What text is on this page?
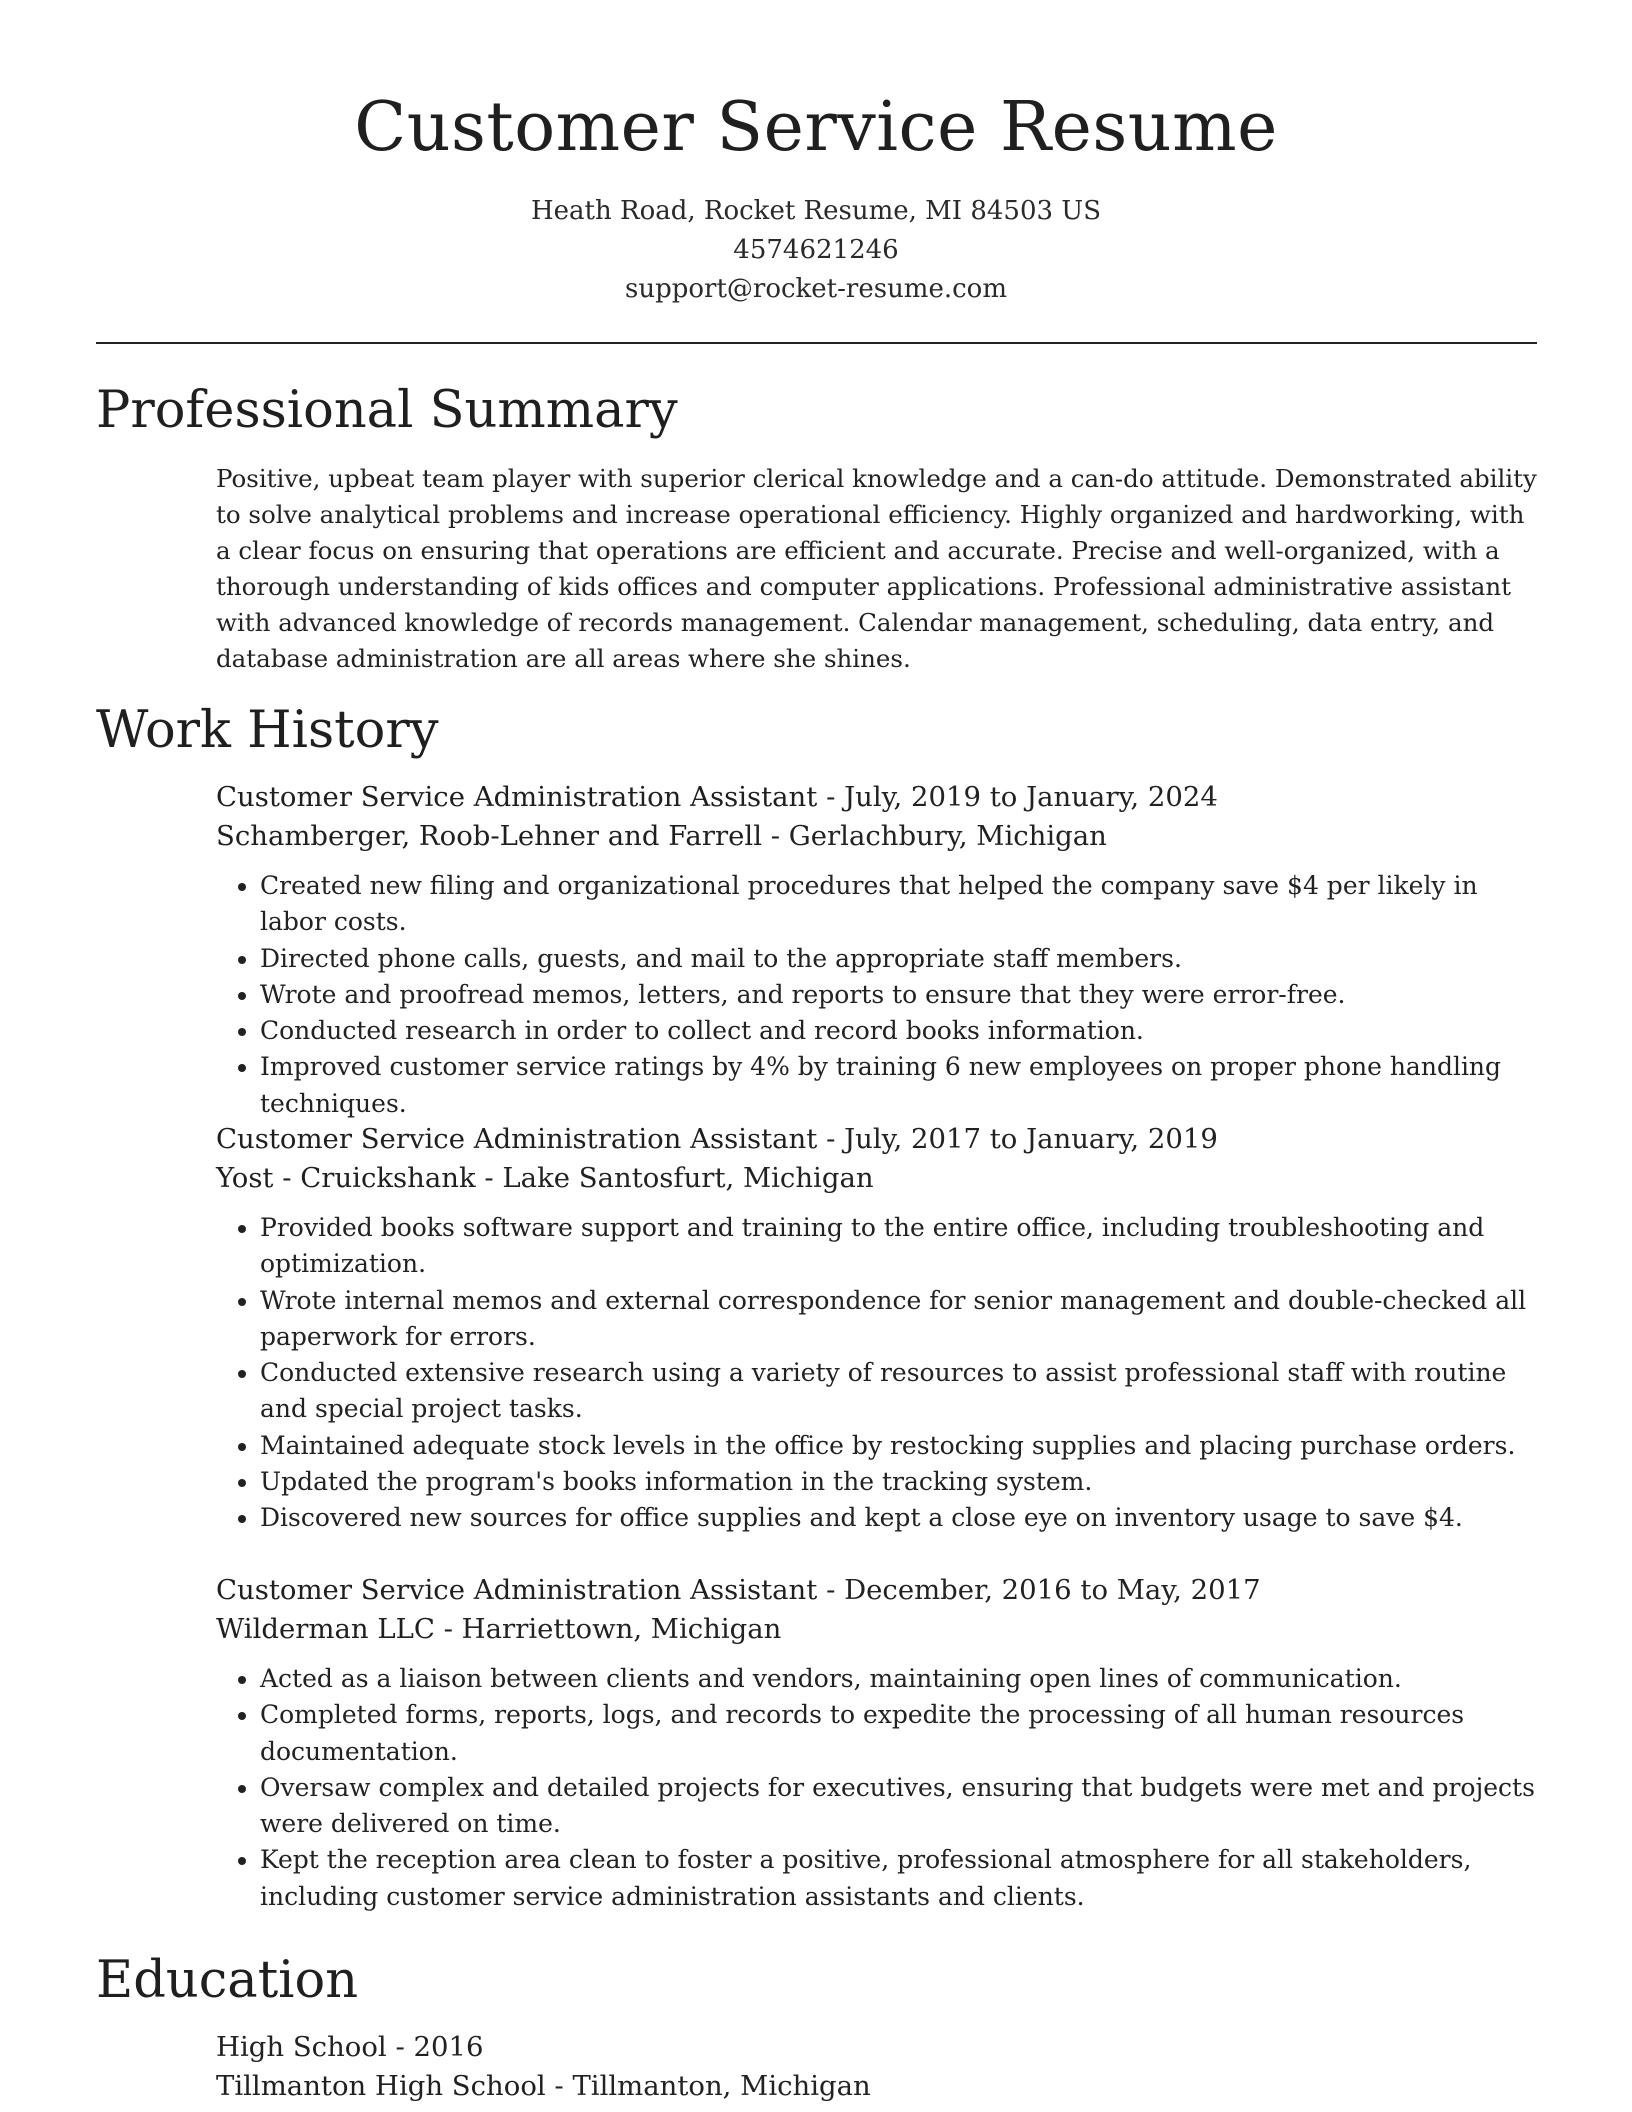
Customer Service Resume
Heath Road, Rocket Resume, MI 84503 US
4574621246
support@rocket-resume.com
Professional Summary
Positive, upbeat team player with superior clerical knowledge and a can-do attitude. Demonstrated ability to solve analytical problems and increase operational efficiency. Highly organized and hardworking, with a clear focus on ensuring that operations are efficient and accurate. Precise and well-organized, with a thorough understanding of kids offices and computer applications. Professional administrative assistant with advanced knowledge of records management. Calendar management, scheduling, data entry, and database administration are all areas where she shines.
Work History
Customer Service Administration Assistant - July, 2019 to January, 2024
Schamberger, Roob-Lehner and Farrell - Gerlachbury, Michigan
• Created new filing and organizational procedures that helped the company save $4 per likely in labor costs.
• Directed phone calls, guests, and mail to the appropriate staff members.
• Wrote and proofread memos, letters, and reports to ensure that they were error-free.
• Conducted research in order to collect and record books information.
• Improved customer service ratings by 4% by training 6 new employees on proper phone handling techniques.
Customer Service Administration Assistant - July, 2017 to January, 2019
Yost - Cruickshank - Lake Santosfurt, Michigan
• Provided books software support and training to the entire office, including troubleshooting and optimization.
• Wrote internal memos and external correspondence for senior management and double-checked all paperwork for errors.
• Conducted extensive research using a variety of resources to assist professional staff with routine and special project tasks.
• Maintained adequate stock levels in the office by restocking supplies and placing purchase orders.
• Updated the program's books information in the tracking system.
• Discovered new sources for office supplies and kept a close eye on inventory usage to save $4.
Customer Service Administration Assistant - December, 2016 to May, 2017
Wilderman LLC - Harriettown, Michigan
• Acted as a liaison between clients and vendors, maintaining open lines of communication.
• Completed forms, reports, logs, and records to expedite the processing of all human resources documentation.
• Oversaw complex and detailed projects for executives, ensuring that budgets were met and projects were delivered on time.
• Kept the reception area clean to foster a positive, professional atmosphere for all stakeholders, including customer service administration assistants and clients.
Education
High School - 2016
Tillmanton High School - Tillmanton, Michigan
